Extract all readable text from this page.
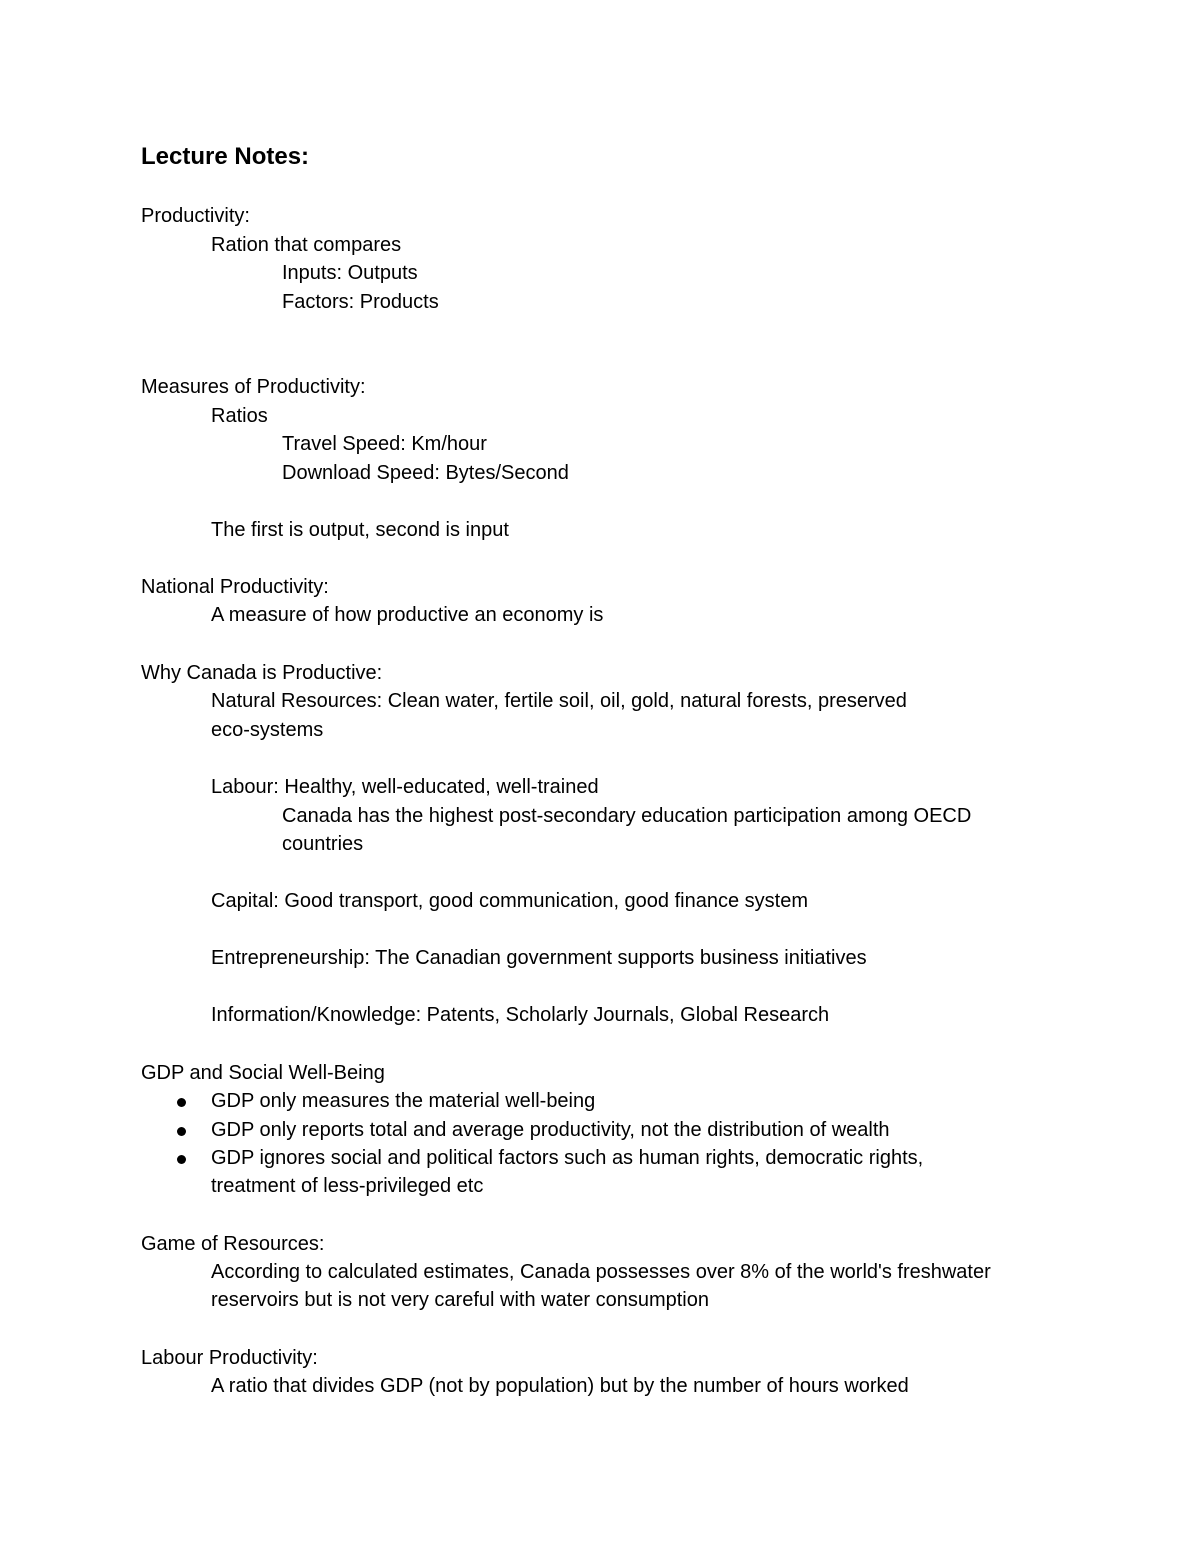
Lecture Notes:
Productivity:
Ration that compares
Inputs: Outputs
Factors: Products
Measures of Productivity:
Ratios
Travel Speed: Km/hour
Download Speed: Bytes/Second
The first is output, second is input
National Productivity:
A measure of how productive an economy is
Why Canada is Productive:
Natural Resources: Clean water, fertile soil, oil, gold, natural forests, preserved
eco-systems
Labour: Healthy, well-educated, well-trained
Canada has the highest post-secondary education participation among OECD
countries
Capital: Good transport, good communication, good finance system
Entrepreneurship: The Canadian government supports business initiatives
Information/Knowledge: Patents, Scholarly Journals, Global Research
GDP and Social Well-Being
GDP only measures the material well-being
GDP only reports total and average productivity, not the distribution of wealth
GDP ignores social and political factors such as human rights, democratic rights,
treatment of less-privileged etc
Game of Resources:
According to calculated estimates, Canada possesses over 8% of the world's freshwater
reservoirs but is not very careful with water consumption
Labour Productivity:
A ratio that divides GDP (not by population) but by the number of hours worked
